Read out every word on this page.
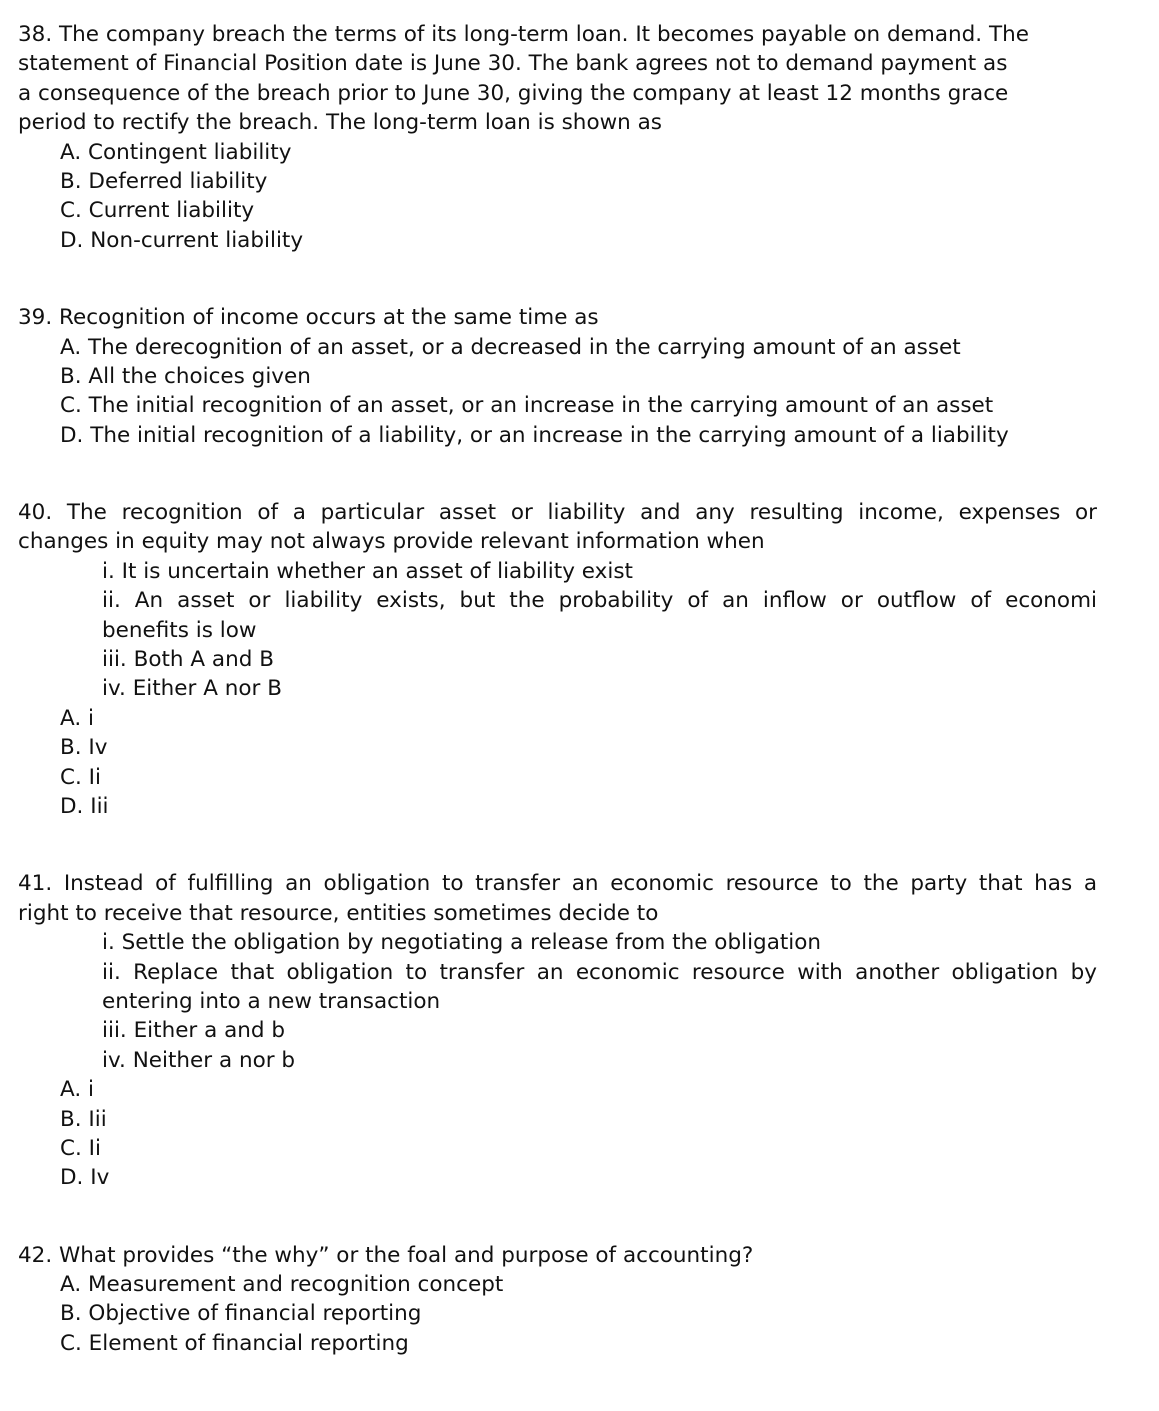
38. The company breach the terms of its long-term loan. It becomes payable on demand. The
statement of Financial Position date is June 30. The bank agrees not to demand payment as
a consequence of the breach prior to June 30, giving the company at least 12 months grace
period to rectify the breach. The long-term loan is shown as
A. Contingent liability
B. Deferred liability
C. Current liability
D. Non-current liability
39. Recognition of income occurs at the same time as
A. The derecognition of an asset, or a decreased in the carrying amount of an asset
B. All the choices given
C. The initial recognition of an asset, or an increase in the carrying amount of an asset
D. The initial recognition of a liability, or an increase in the carrying amount of a liability
40. The recognition of a particular asset or liability and any resulting income, expenses or
changes in equity may not always provide relevant information when
i. It is uncertain whether an asset of liability exist
ii. An asset or liability exists, but the probability of an inflow or outflow of economi
benefits is low
iii. Both A and B
iv. Either A nor B
A. i
B. Iv
C. Ii
D. Iii
41. Instead of fulfilling an obligation to transfer an economic resource to the party that has a
right to receive that resource, entities sometimes decide to
i. Settle the obligation by negotiating a release from the obligation
ii. Replace that obligation to transfer an economic resource with another obligation by
entering into a new transaction
iii. Either a and b
iv. Neither a nor b
A. i
B. Iii
C. Ii
D. Iv
42. What provides “the why” or the foal and purpose of accounting?
A. Measurement and recognition concept
B. Objective of financial reporting
C. Element of financial reporting
